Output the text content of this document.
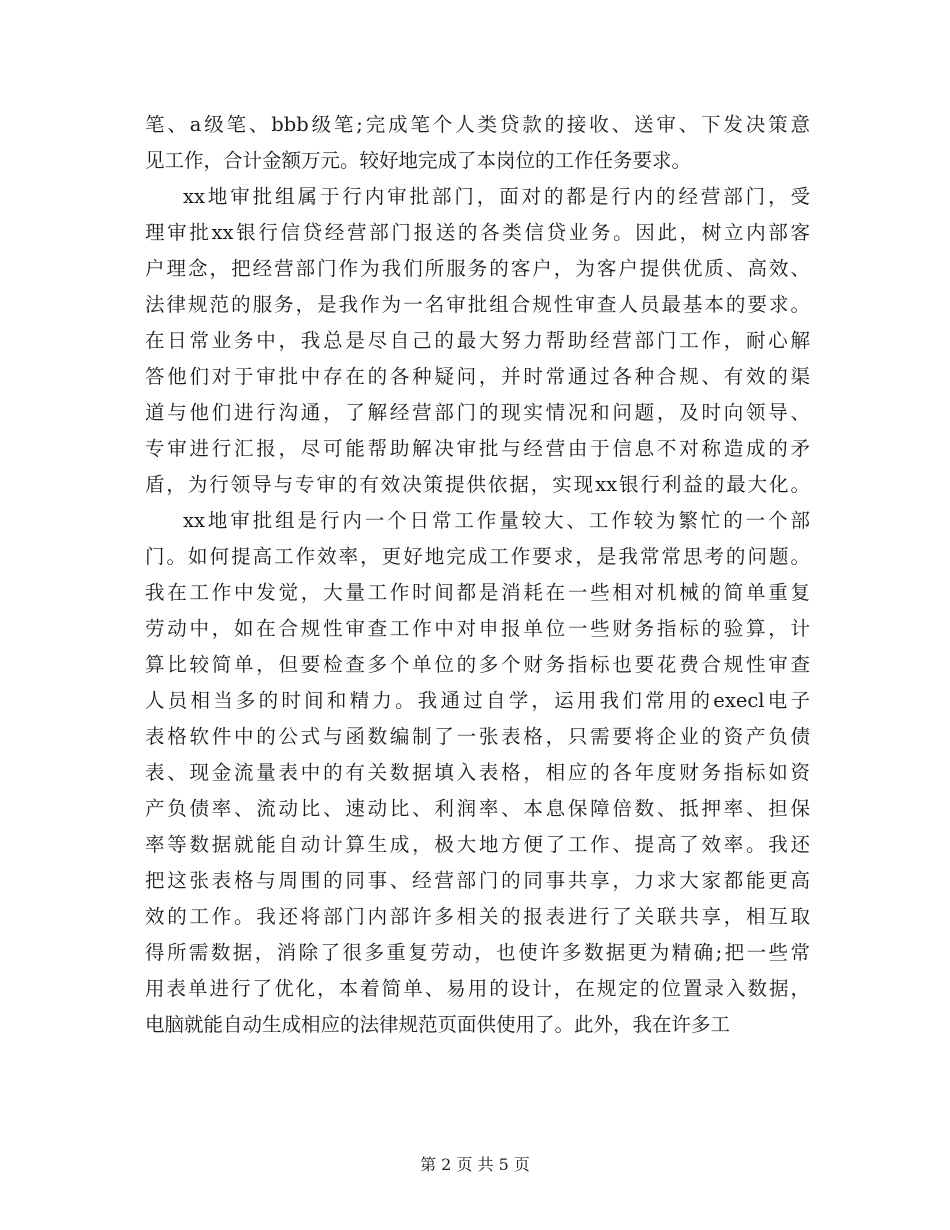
笔、a级笔、bbb级笔;完成笔个人类贷款的接收、送审、下发决策意
见工作，合计金额万元。较好地完成了本岗位的工作任务要求。
xx地审批组属于行内审批部门，面对的都是行内的经营部门，受
理审批xx银行信贷经营部门报送的各类信贷业务。因此，树立内部客
户理念，把经营部门作为我们所服务的客户，为客户提供优质、高效、
法律规范的服务，是我作为一名审批组合规性审查人员最基本的要求。
在日常业务中，我总是尽自己的最大努力帮助经营部门工作，耐心解
答他们对于审批中存在的各种疑问，并时常通过各种合规、有效的渠
道与他们进行沟通，了解经营部门的现实情况和问题，及时向领导、
专审进行汇报，尽可能帮助解决审批与经营由于信息不对称造成的矛
盾，为行领导与专审的有效决策提供依据，实现xx银行利益的最大化。
xx地审批组是行内一个日常工作量较大、工作较为繁忙的一个部
门。如何提高工作效率，更好地完成工作要求，是我常常思考的问题。
我在工作中发觉，大量工作时间都是消耗在一些相对机械的简单重复
劳动中，如在合规性审查工作中对申报单位一些财务指标的验算，计
算比较简单，但要检查多个单位的多个财务指标也要花费合规性审查
人员相当多的时间和精力。我通过自学，运用我们常用的execl电子
表格软件中的公式与函数编制了一张表格，只需要将企业的资产负债
表、现金流量表中的有关数据填入表格，相应的各年度财务指标如资
产负债率、流动比、速动比、利润率、本息保障倍数、抵押率、担保
率等数据就能自动计算生成，极大地方便了工作、提高了效率。我还
把这张表格与周围的同事、经营部门的同事共享，力求大家都能更高
效的工作。我还将部门内部许多相关的报表进行了关联共享，相互取
得所需数据，消除了很多重复劳动，也使许多数据更为精确;把一些常
用表单进行了优化，本着简单、易用的设计，在规定的位置录入数据，
电脑就能自动生成相应的法律规范页面供使用了。此外，我在许多工
第 2 页 共 5 页
